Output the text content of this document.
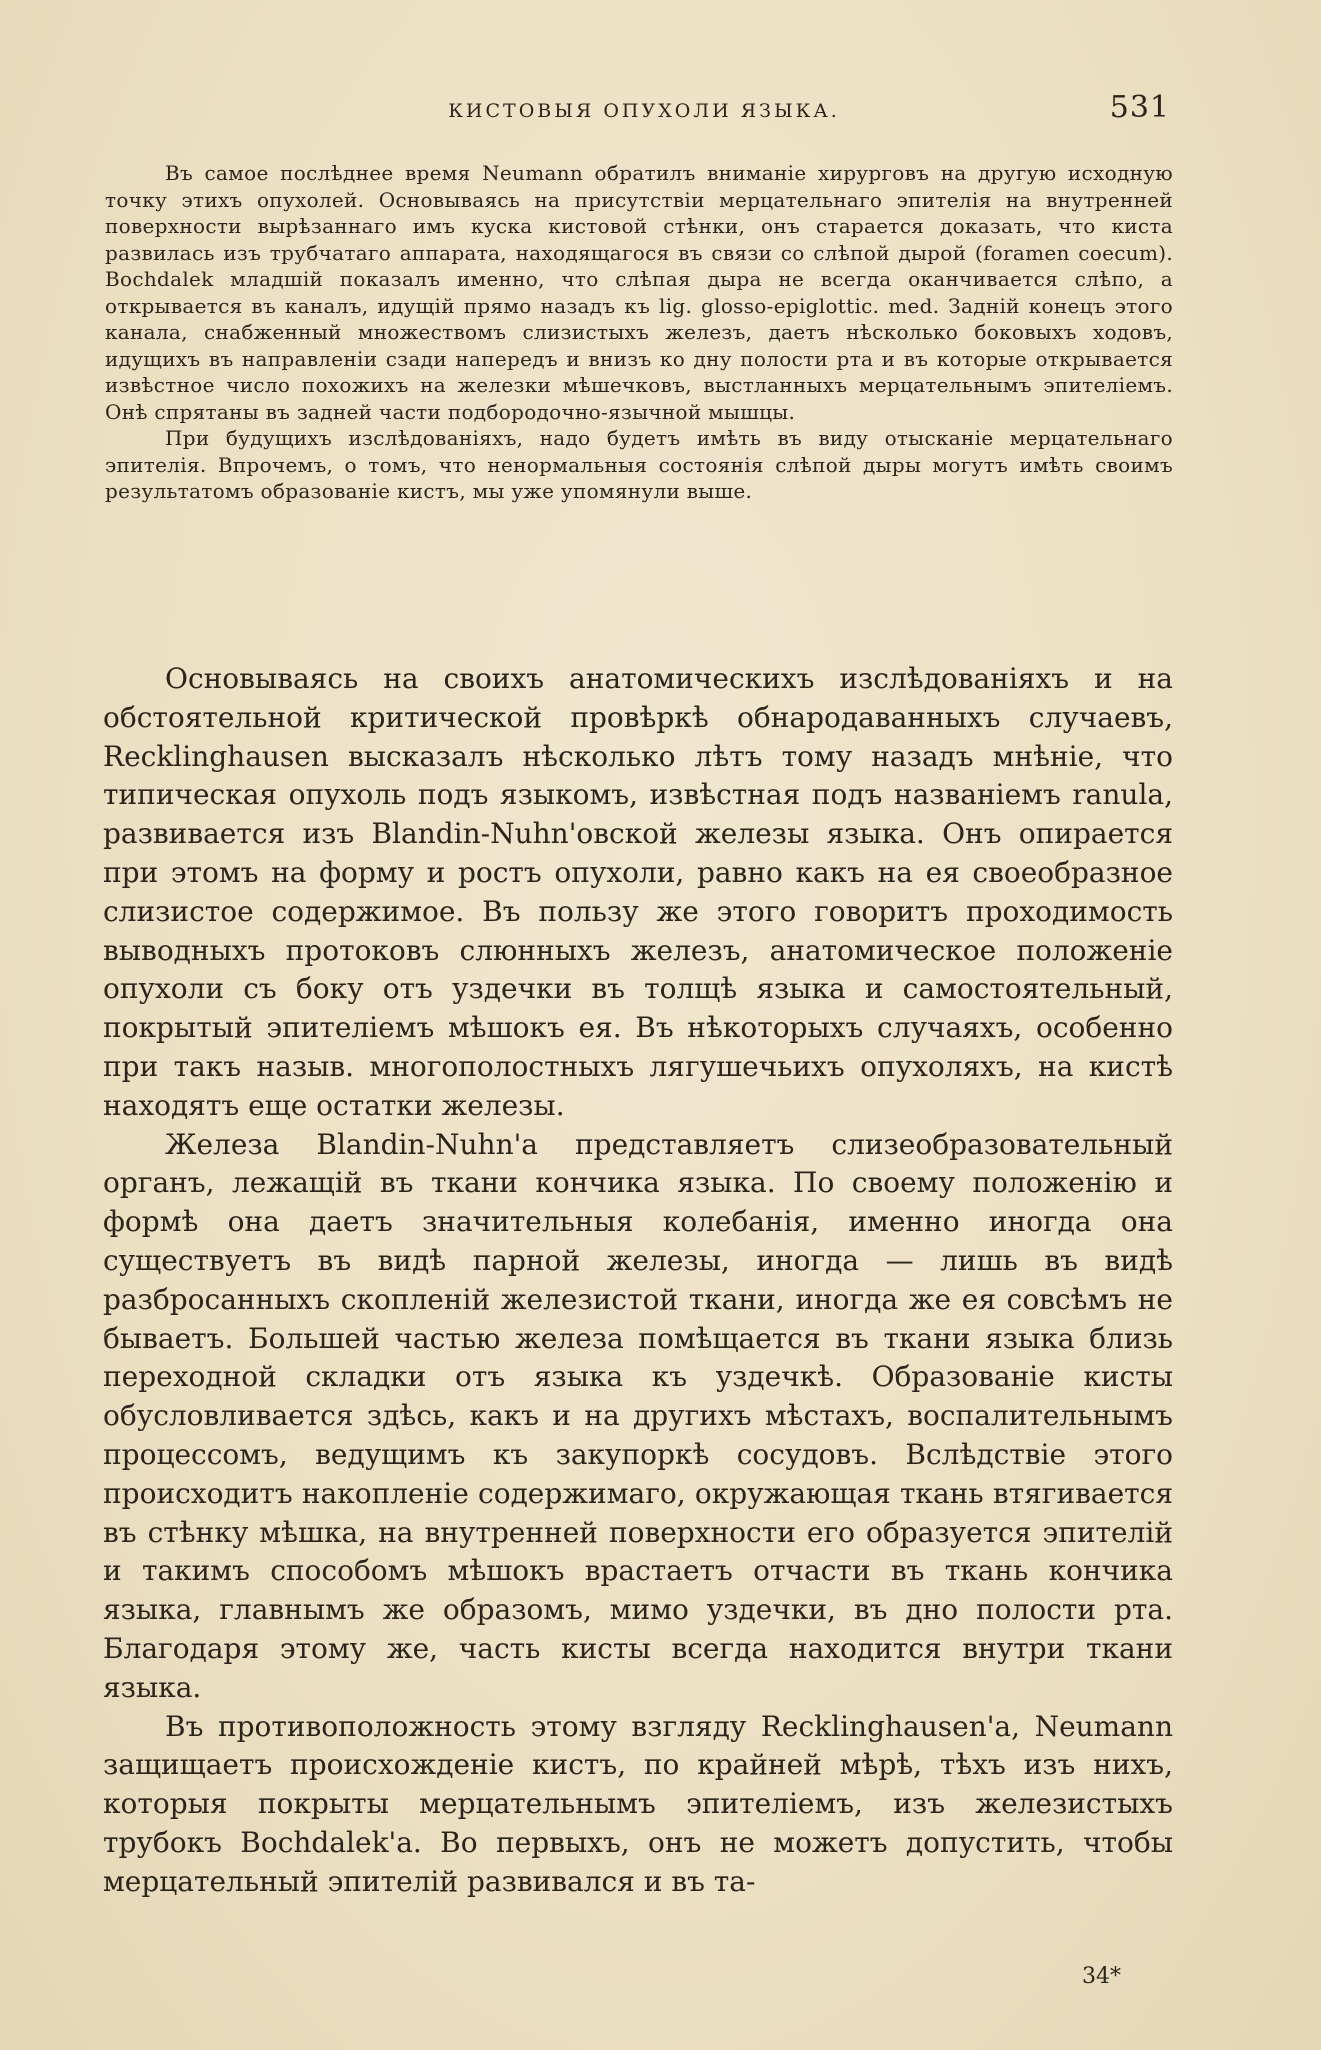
КИСТОВЫЯ ОПУХОЛИ ЯЗЫКА.	531

Въ самое послѣднее время Neumann обратилъ вниманіе хирурговъ на другую исходную точку этихъ опухолей. Основываясь на присутствіи мерцательнаго эпителія на внутренней поверхности вырѣзаннаго имъ куска кистовой стѣнки, онъ старается доказать, что киста развилась изъ трубчатаго аппарата, находящагося въ связи со слѣпой дырой (foramen coecum). Bochdalek младшій показалъ именно, что слѣпая дыра не всегда оканчивается слѣпо, а открывается въ каналъ, идущій прямо назадъ къ lig. glosso-epiglottic. med. Задній конецъ этого канала, снабженный множествомъ слизистыхъ железъ, даетъ нѣсколько боковыхъ ходовъ, идущихъ въ направленіи сзади напередъ и внизъ ко дну полости рта и въ которые открывается извѣстное число похожихъ на железки мѣшечковъ, выстланныхъ мерцательнымъ эпителіемъ. Онѣ спрятаны въ задней части подбородочно-язычной мышцы.

При будущихъ изслѣдованіяхъ, надо будетъ имѣть въ виду отысканіе мерцательнаго эпителія. Впрочемъ, о томъ, что ненормальныя состоянія слѣпой дыры могутъ имѣть своимъ результатомъ образованіе кистъ, мы уже упомянули выше.

Основываясь на своихъ анатомическихъ изслѣдованіяхъ и на обстоятельной критической провѣркѣ обнародаванныхъ случаевъ, Recklinghausen высказалъ нѣсколько лѣтъ тому назадъ мнѣніе, что типическая опухоль подъ языкомъ, извѣстная подъ названіемъ ranula, развивается изъ Blandin-Nuhn'овской железы языка. Онъ опирается при этомъ на форму и ростъ опухоли, равно какъ на ея своеобразное слизистое содержимое. Въ пользу же этого говоритъ проходимость выводныхъ протоковъ слюнныхъ железъ, анатомическое положеніе опухоли съ боку отъ уздечки въ толщѣ языка и самостоятельный, покрытый эпителіемъ мѣшокъ ея. Въ нѣкоторыхъ случаяхъ, особенно при такъ назыв. многополостныхъ лягушечьихъ опухоляхъ, на кистѣ находятъ еще остатки железы.

Железа Blandin-Nuhn'а представляетъ слизеобразовательный органъ, лежащій въ ткани кончика языка. По своему положенію и формѣ она даетъ значительныя колебанія, именно иногда она существуетъ въ видѣ парной железы, иногда — лишь въ видѣ разбросанныхъ скопленій железистой ткани, иногда же ея совсѣмъ не бываетъ. Большей частью железа помѣщается въ ткани языка близь переходной складки отъ языка къ уздечкѣ. Образованіе кисты обусловливается здѣсь, какъ и на другихъ мѣстахъ, воспалительнымъ процессомъ, ведущимъ къ закупоркѣ сосудовъ. Вслѣдствіе этого происходитъ накопленіе содержимаго, окружающая ткань втягивается въ стѣнку мѣшка, на внутренней поверхности его образуется эпителій и такимъ способомъ мѣшокъ врастаетъ отчасти въ ткань кончика языка, главнымъ же образомъ, мимо уздечки, въ дно полости рта. Благодаря этому же, часть кисты всегда находится внутри ткани языка.

Въ противоположность этому взгляду Recklinghausen'а, Neumann защищаетъ происхожденіе кистъ, по крайней мѣрѣ, тѣхъ изъ нихъ, которыя покрыты мерцательнымъ эпителіемъ, изъ железистыхъ трубокъ Bochdalek'а. Во первыхъ, онъ не можетъ допустить, чтобы мерцательный эпителій развивался и въ та-

34*
